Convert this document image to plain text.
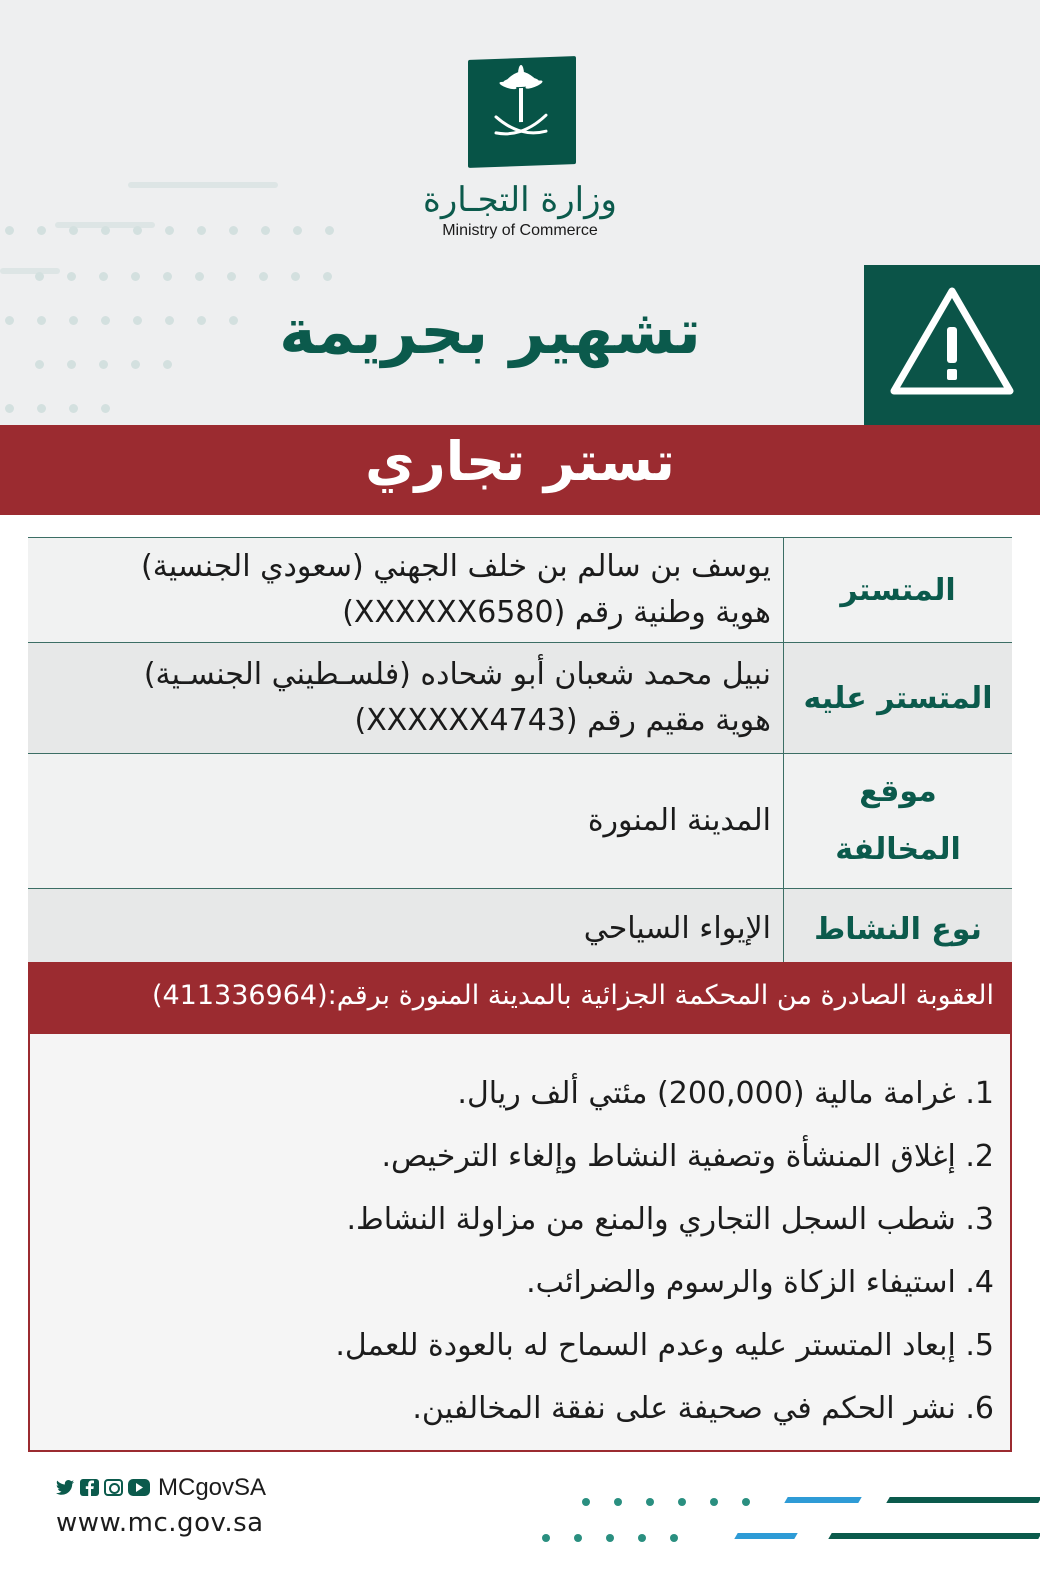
وزارة التجـارة
Ministry of Commerce
تشهير بجريمة
تستر تجاري
المتستر	يوسف بن سالم بن خلف الجهني (سعودي الجنسية)
هوية وطنية رقم (XXXXXX6580)

المتستر عليه	نبيل محمد شعبان أبو شحاده (فلسـطيني الجنسـية)
هوية مقيم رقم (XXXXXX4743)

موقع
المخالفة	المدينة المنورة
نوع النشاط	الإيواء السياحي
العقوبة الصادرة من المحكمة الجزائية بالمدينة المنورة برقم:(411336964)
1. غرامة مالية (200,000) مئتي ألف ريال.
2. إغلاق المنشأة وتصفية النشاط وإلغاء الترخيص.
3. شطب السجل التجاري والمنع من مزاولة النشاط.
4. استيفاء الزكاة والرسوم والضرائب.
5. إبعاد المتستر عليه وعدم السماح له بالعودة للعمل.
6. نشر الحكم في صحيفة على نفقة المخالفين.
MCgovSA
www.mc.gov.sa
